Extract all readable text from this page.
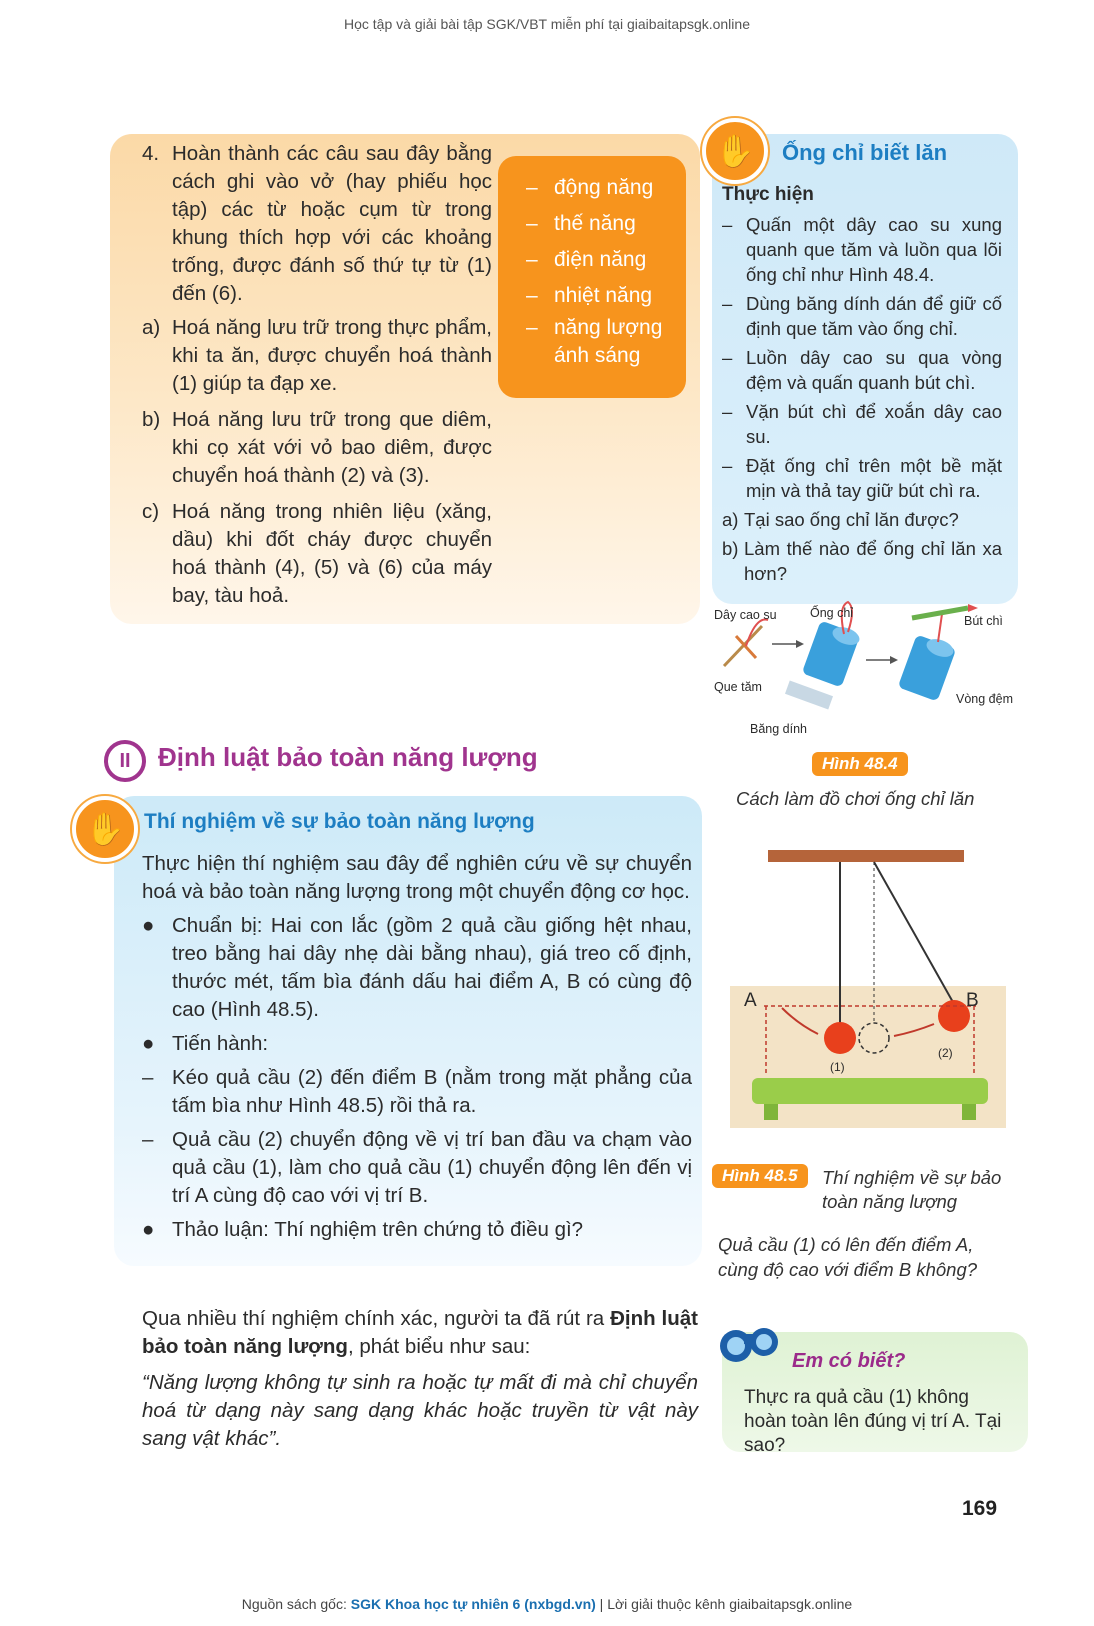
Học tập và giải bài tập SGK/VBT miễn phí tại giaibaitapsgk.online
4. Hoàn thành các câu sau đây bằng cách ghi vào vở (hay phiếu học tập) các từ hoặc cụm từ trong khung thích hợp với các khoảng trống, được đánh số thứ tự từ (1) đến (6).
a) Hoá năng lưu trữ trong thực phẩm, khi ta ăn, được chuyển hoá thành (1) giúp ta đạp xe.
b) Hoá năng lưu trữ trong que diêm, khi cọ xát với vỏ bao diêm, được chuyển hoá thành (2) và (3).
c) Hoá năng trong nhiên liệu (xăng, dầu) khi đốt cháy được chuyển hoá thành (4), (5) và (6) của máy bay, tàu hoả.
– động năng
– thế năng
– điện năng
– nhiệt năng
– năng lượng ánh sáng
✋	Ống chỉ biết lăn
Thực hiện
– Quấn một dây cao su xung quanh que tăm và luồn qua lõi ống chỉ như Hình 48.4.
– Dùng băng dính dán để giữ cố định que tăm vào ống chỉ.
– Luồn dây cao su qua vòng đệm và quấn quanh bút chì.
– Vặn bút chì để xoắn dây cao su.
– Đặt ống chỉ trên một bề mặt mịn và thả tay giữ bút chì ra.
a) Tại sao ống chỉ lăn được?
b) Làm thế nào để ống chỉ lăn xa hơn?
Dây cao su	Ống chỉ
Bút chì
Que tăm
Vòng đệm
Băng dính
Hình 48.4
Cách làm đồ chơi ống chỉ lăn
II	Định luật bảo toàn năng lượng
✋ Thí nghiệm về sự bảo toàn năng lượng

Thực hiện thí nghiệm sau đây để nghiên cứu về sự chuyển hoá và bảo toàn năng lượng trong một chuyển động cơ học.

● Chuẩn bị: Hai con lắc (gồm 2 quả cầu giống hệt nhau, treo bằng hai dây nhẹ dài bằng nhau), giá treo cố định, thước mét, tấm bìa đánh dấu hai điểm A, B có cùng độ cao (Hình 48.5).
● Tiến hành:
– Kéo quả cầu (2) đến điểm B (nằm trong mặt phẳng của tấm bìa như Hình 48.5) rồi thả ra.
– Quả cầu (2) chuyển động về vị trí ban đầu va chạm vào quả cầu (1), làm cho quả cầu (1) chuyển động lên đến vị trí A cùng độ cao với vị trí B.
● Thảo luận: Thí nghiệm trên chứng tỏ điều gì?

Qua nhiều thí nghiệm chính xác, người ta đã rút ra Định luật bảo toàn năng lượng, phát biểu như sau:

“Năng lượng không tự sinh ra hoặc tự mất đi mà chỉ chuyển hoá từ dạng này sang dạng khác hoặc truyền từ vật này sang vật khác”.

A	B
(1)
(2)
Hình 48.5	Thí nghiệm về sự bảo toàn năng lượng
Quả cầu (1) có lên đến điểm A, cùng độ cao với điểm B không?
Em có biết?
Thực ra quả cầu (1) không hoàn toàn lên đúng vị trí A. Tại sao?
169
Nguồn sách gốc: SGK Khoa học tự nhiên 6 (nxbgd.vn) | Lời giải thuộc kênh giaibaitapsgk.online
